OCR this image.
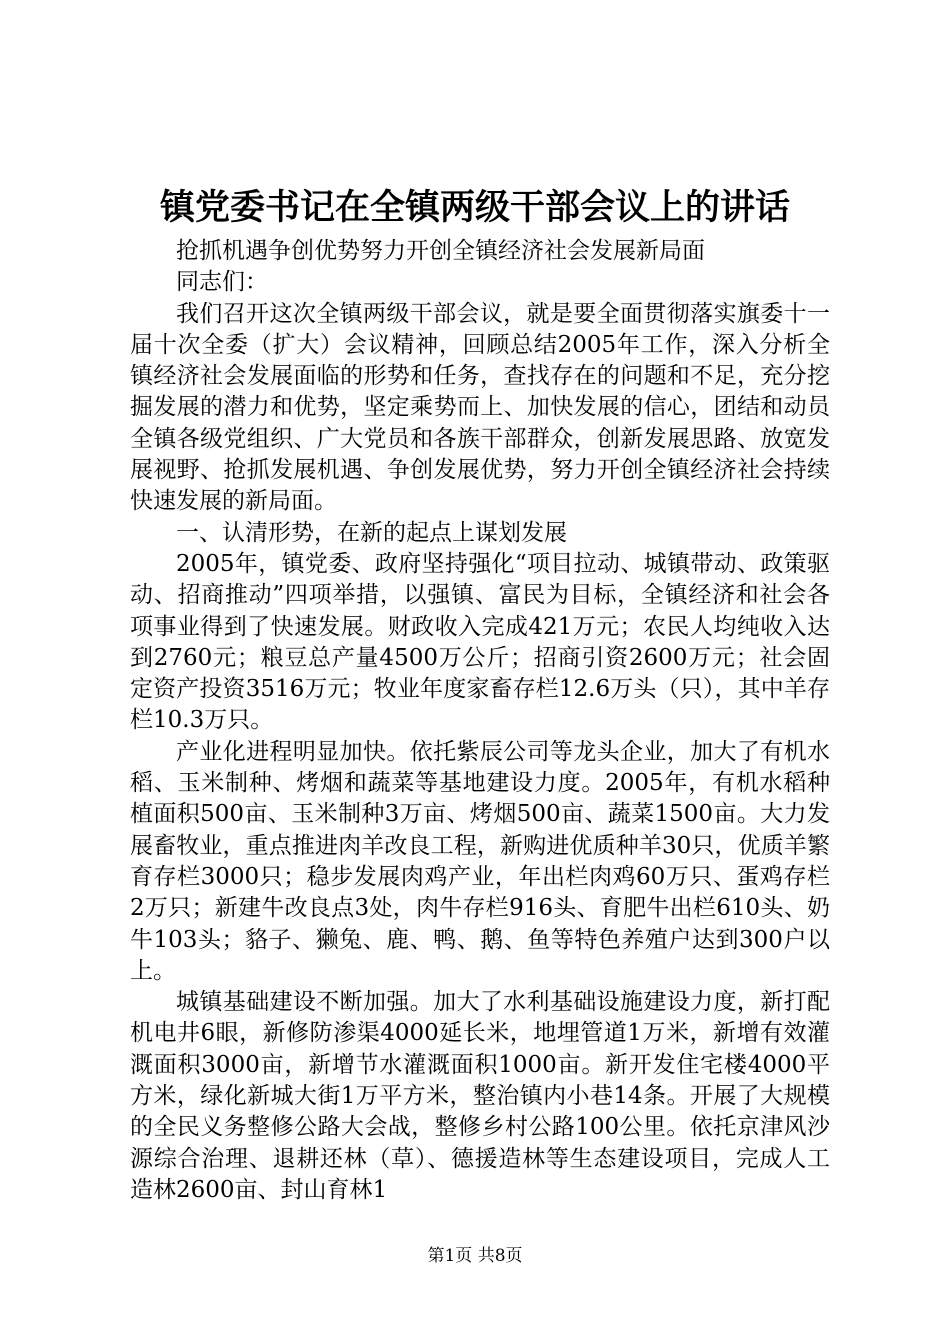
镇党委书记在全镇两级干部会议上的讲话

抢抓机遇争创优势努力开创全镇经济社会发展新局面

同志们：

我们召开这次全镇两级干部会议，就是要全面贯彻落实旗委十一届十次全委（扩大）会议精神，回顾总结2005年工作，深入分析全镇经济社会发展面临的形势和任务，查找存在的问题和不足，充分挖掘发展的潜力和优势，坚定乘势而上、加快发展的信心，团结和动员全镇各级党组织、广大党员和各族干部群众，创新发展思路、放宽发展视野、抢抓发展机遇、争创发展优势，努力开创全镇经济社会持续快速发展的新局面。

一、认清形势，在新的起点上谋划发展

2005年，镇党委、政府坚持强化“项目拉动、城镇带动、政策驱动、招商推动”四项举措，以强镇、富民为目标，全镇经济和社会各项事业得到了快速发展。财政收入完成421万元；农民人均纯收入达到2760元；粮豆总产量4500万公斤；招商引资2600万元；社会固定资产投资3516万元；牧业年度家畜存栏12.6万头（只），其中羊存栏10.3万只。

产业化进程明显加快。依托紫辰公司等龙头企业，加大了有机水稻、玉米制种、烤烟和蔬菜等基地建设力度。2005年，有机水稻种植面积500亩、玉米制种3万亩、烤烟500亩、蔬菜1500亩。大力发展畜牧业，重点推进肉羊改良工程，新购进优质种羊30只，优质羊繁育存栏3000只；稳步发展肉鸡产业，年出栏肉鸡60万只、蛋鸡存栏2万只；新建牛改良点3处，肉牛存栏916头、育肥牛出栏610头、奶牛103头；貉子、獭兔、鹿、鸭、鹅、鱼等特色养殖户达到300户以上。

城镇基础建设不断加强。加大了水利基础设施建设力度，新打配机电井6眼，新修防渗渠4000延长米，地埋管道1万米，新增有效灌溉面积3000亩，新增节水灌溉面积1000亩。新开发住宅楼4000平方米，绿化新城大街1万平方米，整治镇内小巷14条。开展了大规模的全民义务整修公路大会战，整修乡村公路100公里。依托京津风沙源综合治理、退耕还林（草）、德援造林等生态建设项目，完成人工造林2600亩、封山育林1

第1页 共8页
